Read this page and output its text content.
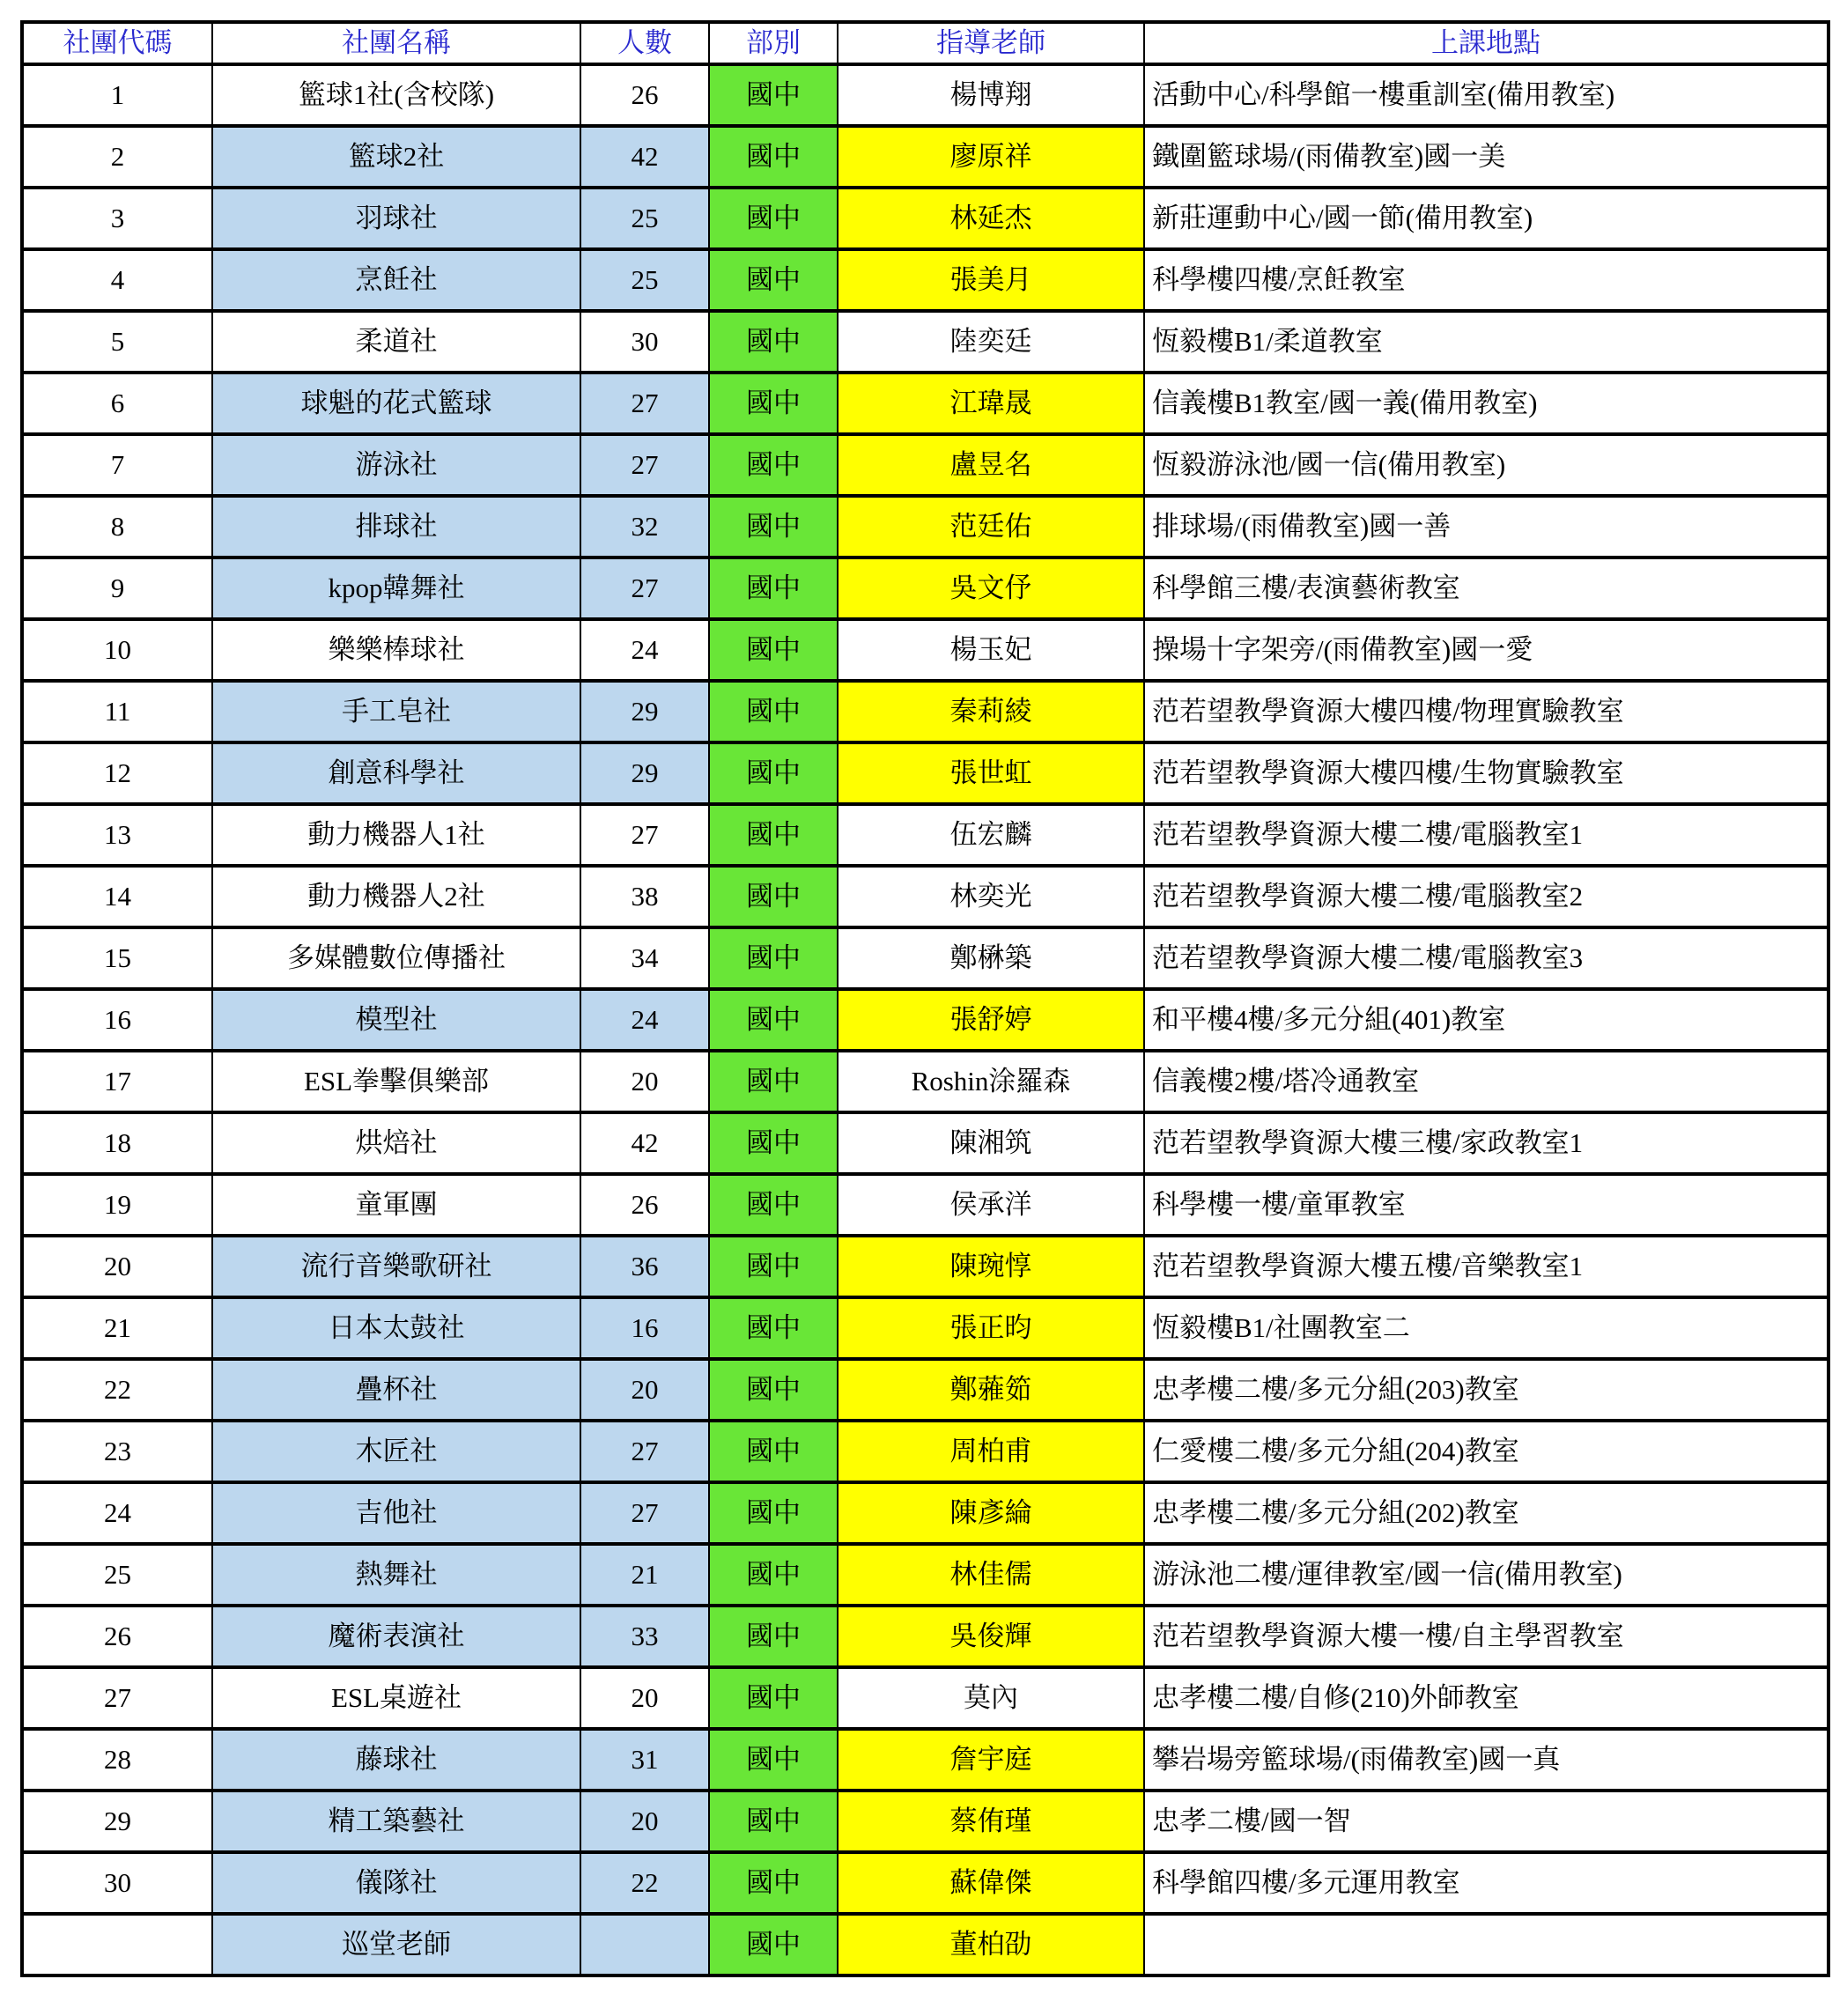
社團代碼	社團名稱	人數	部別	指導老師	上課地點
1	籃球1社(含校隊)	26	國中	楊博翔	活動中心/科學館一樓重訓室(備用教室)
2	籃球2社	42	國中	廖原祥	鐵圍籃球場/(雨備教室)國一美
3	羽球社	25	國中	林延杰	新莊運動中心/國一節(備用教室)
4	烹飪社	25	國中	張美月	科學樓四樓/烹飪教室
5	柔道社	30	國中	陸奕廷	恆毅樓B1/柔道教室
6	球魁的花式籃球	27	國中	江瑋晟	信義樓B1教室/國一義(備用教室)
7	游泳社	27	國中	盧昱名	恆毅游泳池/國一信(備用教室)
8	排球社	32	國中	范廷佑	排球場/(雨備教室)國一善
9	kpop韓舞社	27	國中	吳文伃	科學館三樓/表演藝術教室
10	樂樂棒球社	24	國中	楊玉妃	操場十字架旁/(雨備教室)國一愛
11	手工皂社	29	國中	秦莉綾	范若望教學資源大樓四樓/物理實驗教室
12	創意科學社	29	國中	張世虹	范若望教學資源大樓四樓/生物實驗教室
13	動力機器人1社	27	國中	伍宏麟	范若望教學資源大樓二樓/電腦教室1
14	動力機器人2社	38	國中	林奕光	范若望教學資源大樓二樓/電腦教室2
15	多媒體數位傳播社	34	國中	鄭楙築	范若望教學資源大樓二樓/電腦教室3
16	模型社	24	國中	張舒婷	和平樓4樓/多元分組(401)教室
17	ESL拳擊俱樂部	20	國中	Roshin涂羅森	信義樓2樓/塔冷通教室
18	烘焙社	42	國中	陳湘筑	范若望教學資源大樓三樓/家政教室1
19	童軍團	26	國中	侯承洋	科學樓一樓/童軍教室
20	流行音樂歌研社	36	國中	陳琬惇	范若望教學資源大樓五樓/音樂教室1
21	日本太鼓社	16	國中	張正昀	恆毅樓B1/社團教室二
22	疊杯社	20	國中	鄭蕥筎	忠孝樓二樓/多元分組(203)教室
23	木匠社	27	國中	周柏甫	仁愛樓二樓/多元分組(204)教室
24	吉他社	27	國中	陳彥綸	忠孝樓二樓/多元分組(202)教室
25	熱舞社	21	國中	林佳儒	游泳池二樓/運律教室/國一信(備用教室)
26	魔術表演社	33	國中	吳俊輝	范若望教學資源大樓一樓/自主學習教室
27	ESL桌遊社	20	國中	莫內	忠孝樓二樓/自修(210)外師教室
28	藤球社	31	國中	詹宇庭	攀岩場旁籃球場/(雨備教室)國一真
29	精工築藝社	20	國中	蔡侑瑾	忠孝二樓/國一智
30	儀隊社	22	國中	蘇偉傑	科學館四樓/多元運用教室
	巡堂老師		國中	董柏劭	
